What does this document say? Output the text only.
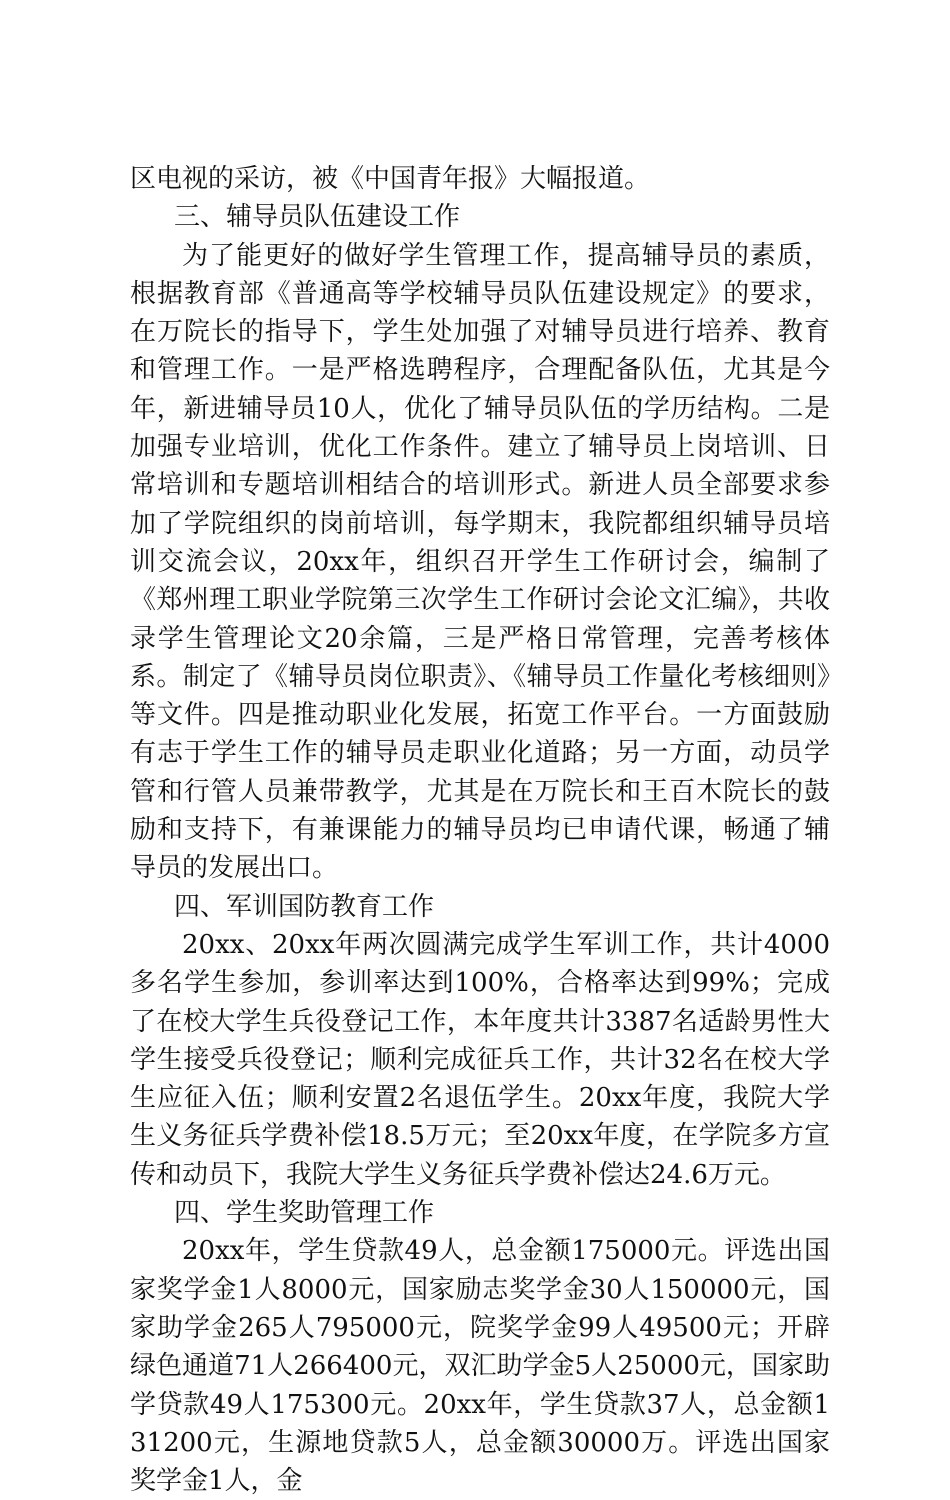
区电视的采访，被《中国青年报》大幅报道。

三、辅导员队伍建设工作

为了能更好的做好学生管理工作，提高辅导员的素质，根据教育部《普通高等学校辅导员队伍建设规定》的要求，在万院长的指导下，学生处加强了对辅导员进行培养、教育和管理工作。一是严格选聘程序，合理配备队伍，尤其是今年，新进辅导员10人，优化了辅导员队伍的学历结构。二是加强专业培训，优化工作条件。建立了辅导员上岗培训、日常培训和专题培训相结合的培训形式。新进人员全部要求参加了学院组织的岗前培训，每学期末，我院都组织辅导员培训交流会议，20xx年，组织召开学生工作研讨会，编制了《郑州理工职业学院第三次学生工作研讨会论文汇编》，共收录学生管理论文20余篇，三是严格日常管理，完善考核体系。制定了《辅导员岗位职责》、《辅导员工作量化考核细则》等文件。四是推动职业化发展，拓宽工作平台。一方面鼓励有志于学生工作的辅导员走职业化道路；另一方面，动员学管和行管人员兼带教学，尤其是在万院长和王百木院长的鼓励和支持下，有兼课能力的辅导员均已申请代课，畅通了辅导员的发展出口。

四、军训国防教育工作

20xx、20xx年两次圆满完成学生军训工作，共计4000多名学生参加，参训率达到100%，合格率达到99%；完成了在校大学生兵役登记工作，本年度共计3387名适龄男性大学生接受兵役登记；顺利完成征兵工作，共计32名在校大学生应征入伍；顺利安置2名退伍学生。20xx年度，我院大学生义务征兵学费补偿18.5万元；至20xx年度，在学院多方宣传和动员下，我院大学生义务征兵学费补偿达24.6万元。

四、学生奖助管理工作

20xx年，学生贷款49人，总金额175000元。评选出国家奖学金1人8000元，国家励志奖学金30人150000元，国家助学金265人795000元，院奖学金99人49500元；开辟绿色通道71人266400元，双汇助学金5人25000元，国家助学贷款49人175300元。20xx年，学生贷款37人，总金额131200元，生源地贷款5人，总金额30000万。评选出国家奖学金1人，金
